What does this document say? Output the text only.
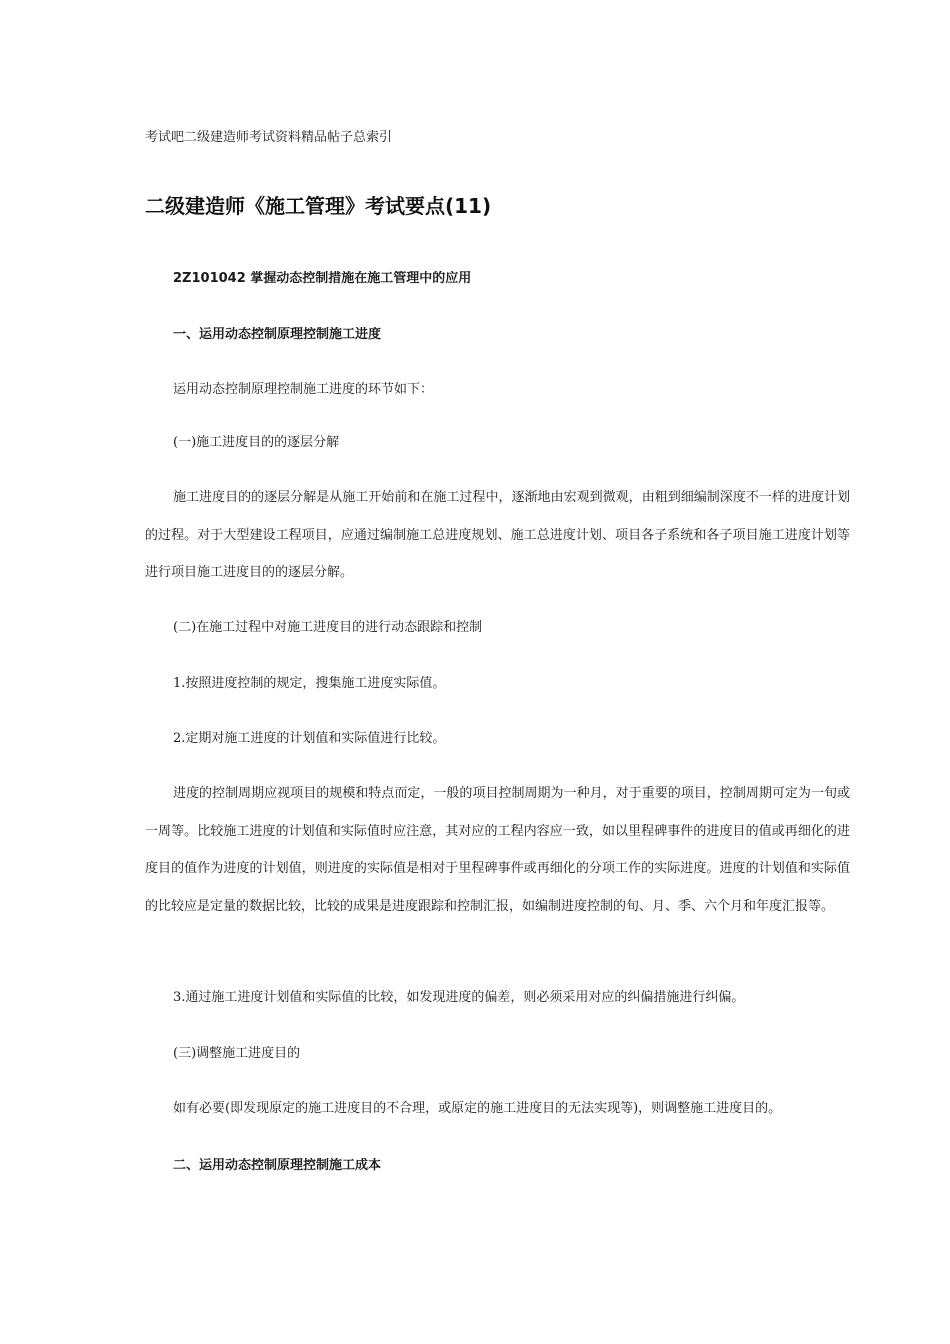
考试吧二级建造师考试资料精品帖子总索引
二级建造师《施工管理》考试要点(11)
2Z101042 掌握动态控制措施在施工管理中的应用
一、运用动态控制原理控制施工进度
运用动态控制原理控制施工进度的环节如下：
(一)施工进度目的的逐层分解
施工进度目的的逐层分解是从施工开始前和在施工过程中，逐渐地由宏观到微观，由粗到细编制深度不一样的进度计划的过程。对于大型建设工程项目，应通过编制施工总进度规划、施工总进度计划、项目各子系统和各子项目施工进度计划等进行项目施工进度目的的逐层分解。
(二)在施工过程中对施工进度目的进行动态跟踪和控制
1.按照进度控制的规定，搜集施工进度实际值。
2.定期对施工进度的计划值和实际值进行比较。
进度的控制周期应视项目的规模和特点而定，一般的项目控制周期为一种月，对于重要的项目，控制周期可定为一旬或一周等。比较施工进度的计划值和实际值时应注意，其对应的工程内容应一致，如以里程碑事件的进度目的值或再细化的进度目的值作为进度的计划值，则进度的实际值是相对于里程碑事件或再细化的分项工作的实际进度。进度的计划值和实际值的比较应是定量的数据比较，比较的成果是进度跟踪和控制汇报，如编制进度控制的旬、月、季、六个月和年度汇报等。
3.通过施工进度计划值和实际值的比较，如发现进度的偏差，则必须采用对应的纠偏措施进行纠偏。
(三)调整施工进度目的
如有必要(即发现原定的施工进度目的不合理，或原定的施工进度目的无法实现等)，则调整施工进度目的。
二、运用动态控制原理控制施工成本
